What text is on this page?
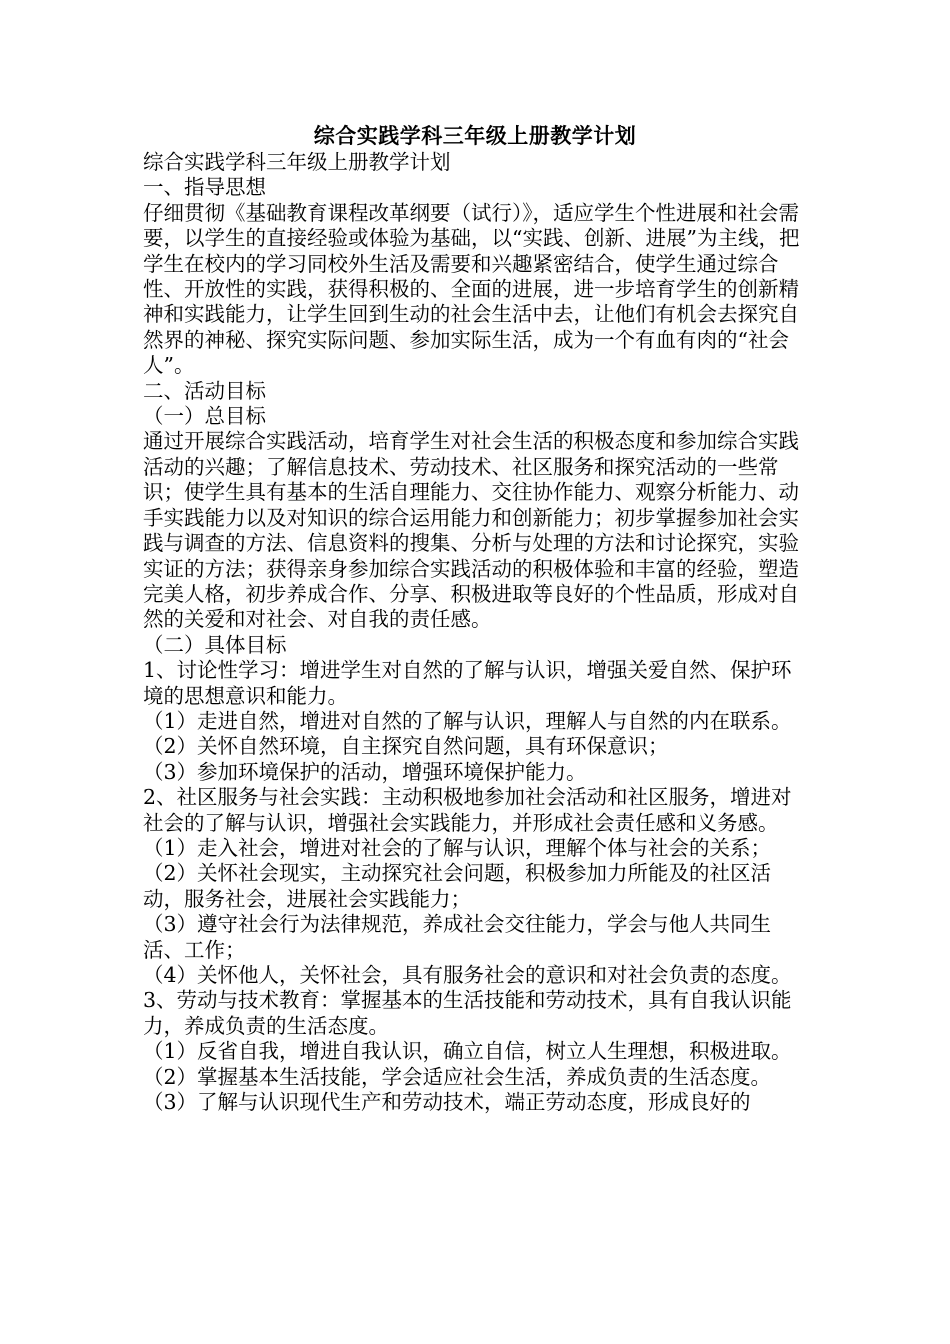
综合实践学科三年级上册教学计划

综合实践学科三年级上册教学计划

一、指导思想

仔细贯彻《基础教育课程改革纲要（试行）》，适应学生个性进展和社会需要，以学生的直接经验或体验为基础，以“实践、创新、进展”为主线，把学生在校内的学习同校外生活及需要和兴趣紧密结合，使学生通过综合性、开放性的实践，获得积极的、全面的进展，进一步培育学生的创新精神和实践能力，让学生回到生动的社会生活中去，让他们有机会去探究自然界的神秘、探究实际问题、参加实际生活，成为一个有血有肉的“社会人”。

二、活动目标

（一）总目标

通过开展综合实践活动，培育学生对社会生活的积极态度和参加综合实践活动的兴趣；了解信息技术、劳动技术、社区服务和探究活动的一些常识；使学生具有基本的生活自理能力、交往协作能力、观察分析能力、动手实践能力以及对知识的综合运用能力和创新能力；初步掌握参加社会实践与调查的方法、信息资料的搜集、分析与处理的方法和讨论探究，实验实证的方法；获得亲身参加综合实践活动的积极体验和丰富的经验，塑造完美人格，初步养成合作、分享、积极进取等良好的个性品质，形成对自然的关爱和对社会、对自我的责任感。

（二）具体目标

1、讨论性学习：增进学生对自然的了解与认识，增强关爱自然、保护环境的思想意识和能力。

（1）走进自然，增进对自然的了解与认识，理解人与自然的内在联系。

（2）关怀自然环境，自主探究自然问题，具有环保意识；

（3）参加环境保护的活动，增强环境保护能力。

2、社区服务与社会实践：主动积极地参加社会活动和社区服务，增进对社会的了解与认识，增强社会实践能力，并形成社会责任感和义务感。

（1）走入社会，增进对社会的了解与认识，理解个体与社会的关系；

（2）关怀社会现实，主动探究社会问题，积极参加力所能及的社区活动，服务社会，进展社会实践能力；

（3）遵守社会行为法律规范，养成社会交往能力，学会与他人共同生活、工作；

（4）关怀他人，关怀社会，具有服务社会的意识和对社会负责的态度。

3、劳动与技术教育：掌握基本的生活技能和劳动技术，具有自我认识能力，养成负责的生活态度。

（1）反省自我，增进自我认识，确立自信，树立人生理想，积极进取。

（2）掌握基本生活技能，学会适应社会生活，养成负责的生活态度。

（3）了解与认识现代生产和劳动技术，端正劳动态度，形成良好的
